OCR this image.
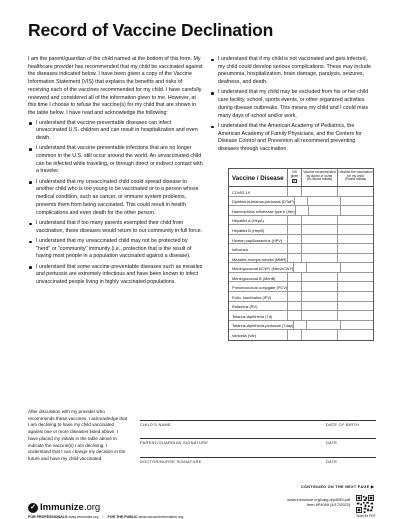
Record of Vaccine Declination

I am the parent/guardian of the child named at the bottom of this form. My healthcare provider has recommended that my child be vaccinated against the diseases indicated below. I have been given a copy of the Vaccine Information Statement (VIS) that explains the benefits and risks of receiving each of the vaccines recommended for my child. I have carefully reviewed and considered all of the information given to me. However, at this time I choose to refuse the vaccine(s) for my child that are shown in the table below. I have read and acknowledge the following:

I understand that vaccine-preventable diseases can infect unvaccinated U.S. children and can result in hospitalization and even death.
I understand that vaccine-preventable infections that are no longer common in the U.S. still occur around the world. An unvaccinated child can be infected while traveling, or through direct or indirect contact with a traveler.
I understand that my unvaccinated child could spread disease to another child who is too young to be vaccinated or to a person whose medical condition, such as cancer, or immune system problems, prevents them from being vaccinated. This could result in health complications and even death for the other person.
I understand that if too many parents exempted their child from vaccination, these diseases would return to our community in full force.
I understand that my unvaccinated child may not be protected by "herd" or "community" immunity (i.e., protection that is the result of having most people in a population vaccinated against a disease).
I understand that some vaccine-preventable diseases such as measles and pertussis are extremely infectious and have been known to infect unvaccinated people living in highly vaccinated populations.
I understand that if my child is not vaccinated and gets infected, my child could develop serious complications. These may include pneumonia, hospitalization, brain damage, paralysis, seizures, deafness, and death.
I understand that my child may be excluded from his or her child care facility, school, sports events, or other organized activities during disease outbreaks. This means my child and I could miss many days of school and/or work.
I understand that the American Academy of Pediatrics, the American Academy of Family Physicians, and the Centers for Disease Control and Prevention all recommend preventing diseases through vaccination.
Vaccine / Disease
VIS given
✔
Vaccine recommended by doctor or nurse
(Dr./Nurse initials)
I decline the vaccination for my child
(Parent initials)
COVID-19
Diphtheria-tetanus-pertussis (DTaP)
Haemophilus influenzae type b (Hib)
Hepatitis A (HepA)
Hepatitis B (HepB)
Human papillomavirus (HPV)
Influenza
Measles-mumps-rubella (MMR)
Meningococcal ACWY (MenACWY)
Meningococcal B (MenB)
Pneumococcal conjugate (PCV)
Polio, inactivated (IPV)
Rotavirus (RV)
Tetanus-diphtheria (Td)
Tetanus-diphtheria-pertussis (Tdap)
Varicella (Var)
After discussion with my provider who recommends these vaccines, I acknowledge that I am declining to have my child vaccinated against one or more diseases listed above. I have placed my initials in the table above to indicate the vaccine(s) I am declining. I understand that I can change my decision in the future and have my child vaccinated.
CHILD'S NAME	DATE OF BIRTH
PARENT/GUARDIAN SIGNATURE	DATE
DOCTOR/NURSE SIGNATURE	DATE
CONTINUED ON THE NEXT PAGE ▶
✓ Immunize.org
FOR PROFESSIONALS www.immunize.org / FOR THE PUBLIC www.vaccineinformation.org
www.immunize.org/catg.d/p4059.pdf
Item #P4059 (4/17/2023)
Scan for PDF
